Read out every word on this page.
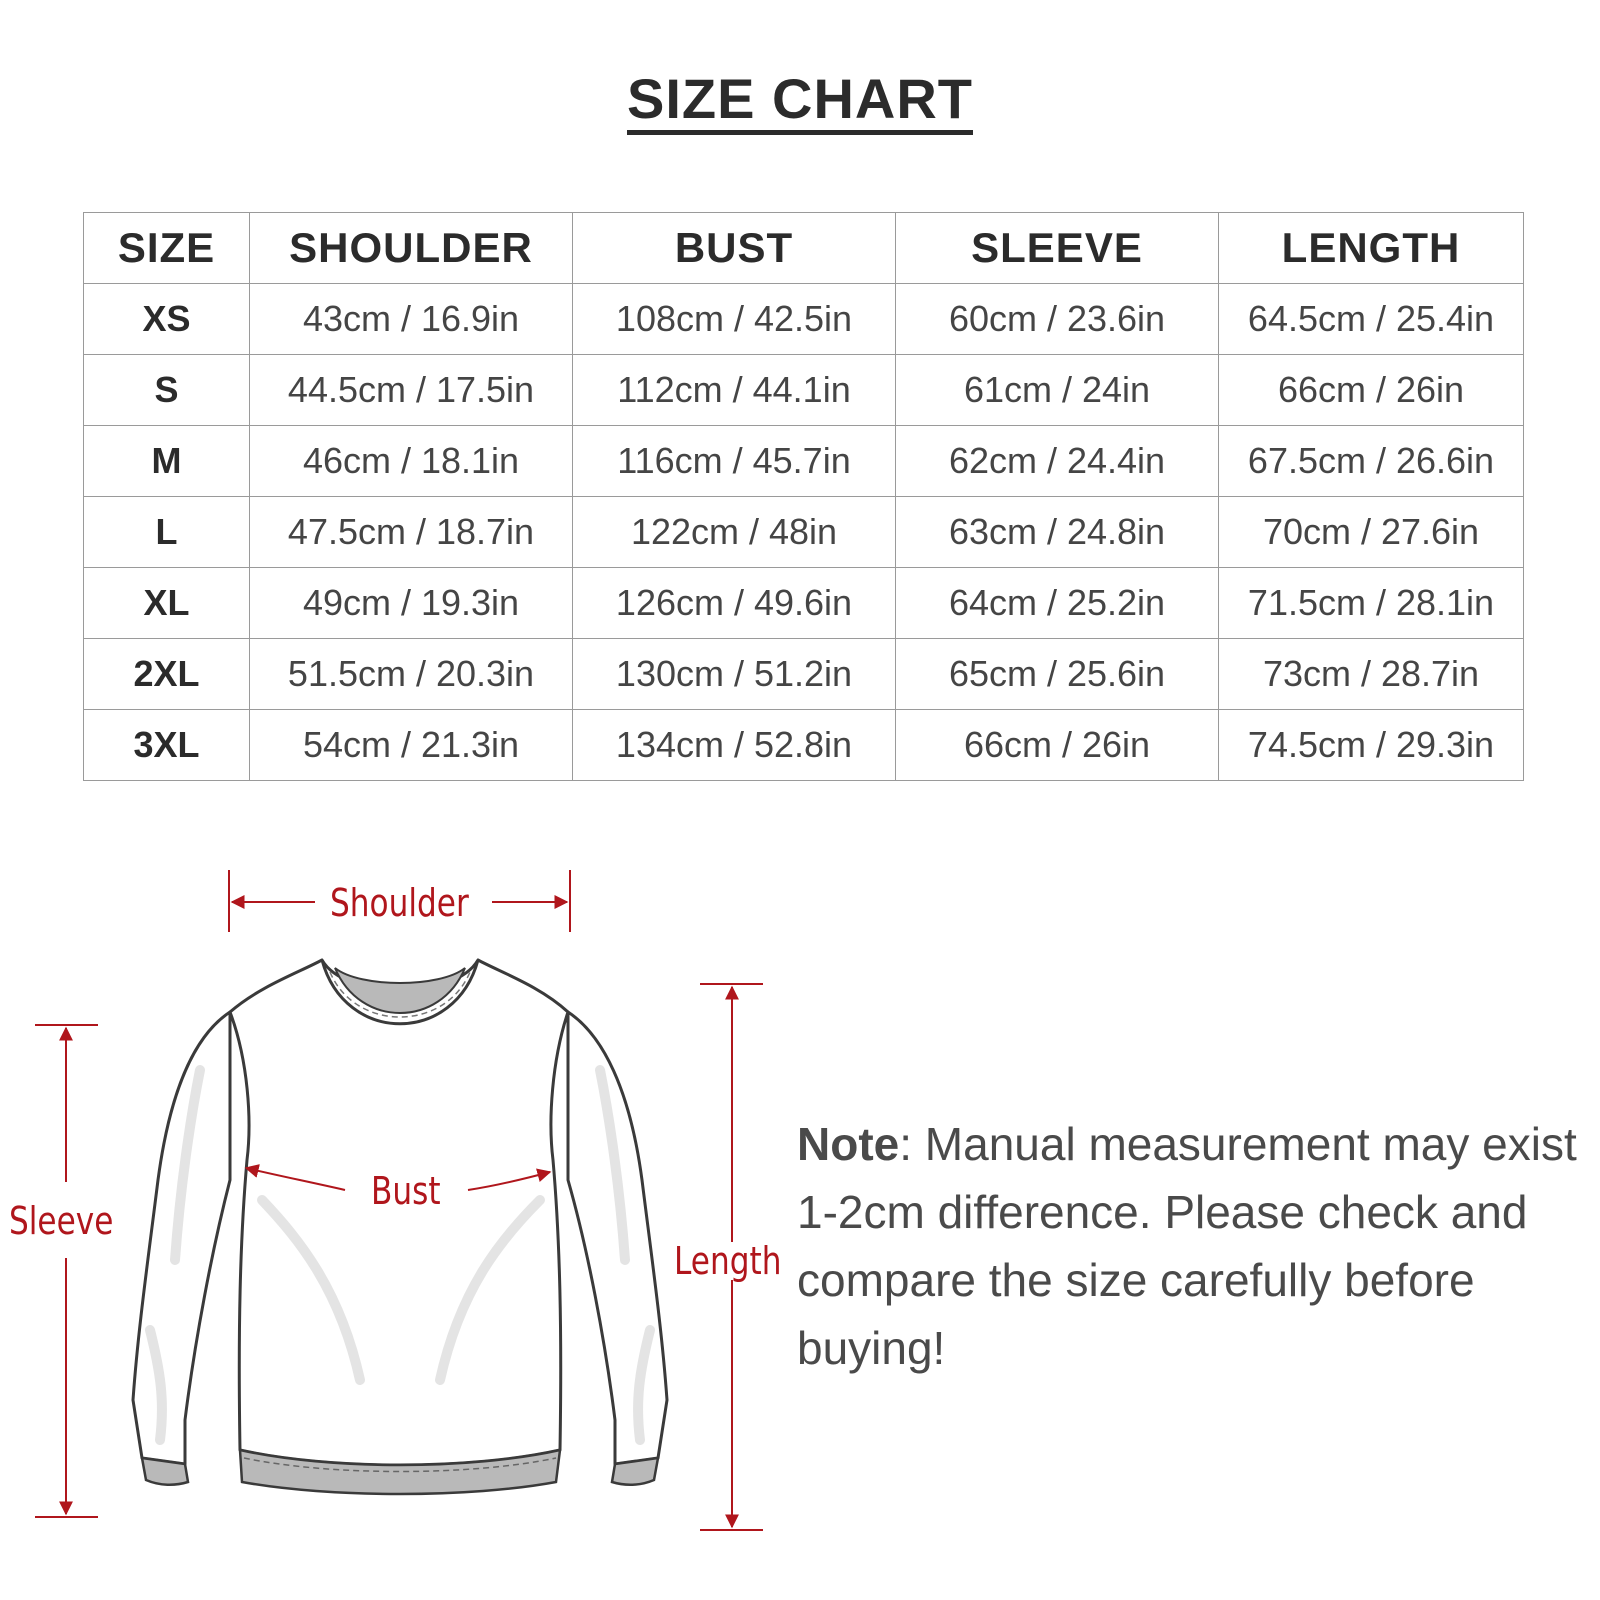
SIZE CHART
SIZE	SHOULDER	BUST	SLEEVE	LENGTH
XS	43cm / 16.9in	108cm / 42.5in	60cm / 23.6in	64.5cm / 25.4in
S	44.5cm / 17.5in	112cm / 44.1in	61cm / 24in	66cm / 26in
M	46cm / 18.1in	116cm / 45.7in	62cm / 24.4in	67.5cm / 26.6in
L	47.5cm / 18.7in	122cm / 48in	63cm / 24.8in	70cm / 27.6in
XL	49cm / 19.3in	126cm / 49.6in	64cm / 25.2in	71.5cm / 28.1in
2XL	51.5cm / 20.3in	130cm / 51.2in	65cm / 25.6in	73cm / 28.7in
3XL	54cm / 21.3in	134cm / 52.8in	66cm / 26in	74.5cm / 29.3in
Shoulder
Bust
Sleeve
Length
Note: Manual measurement may exist 1-2cm difference. Please check and compare the size carefully before buying!
